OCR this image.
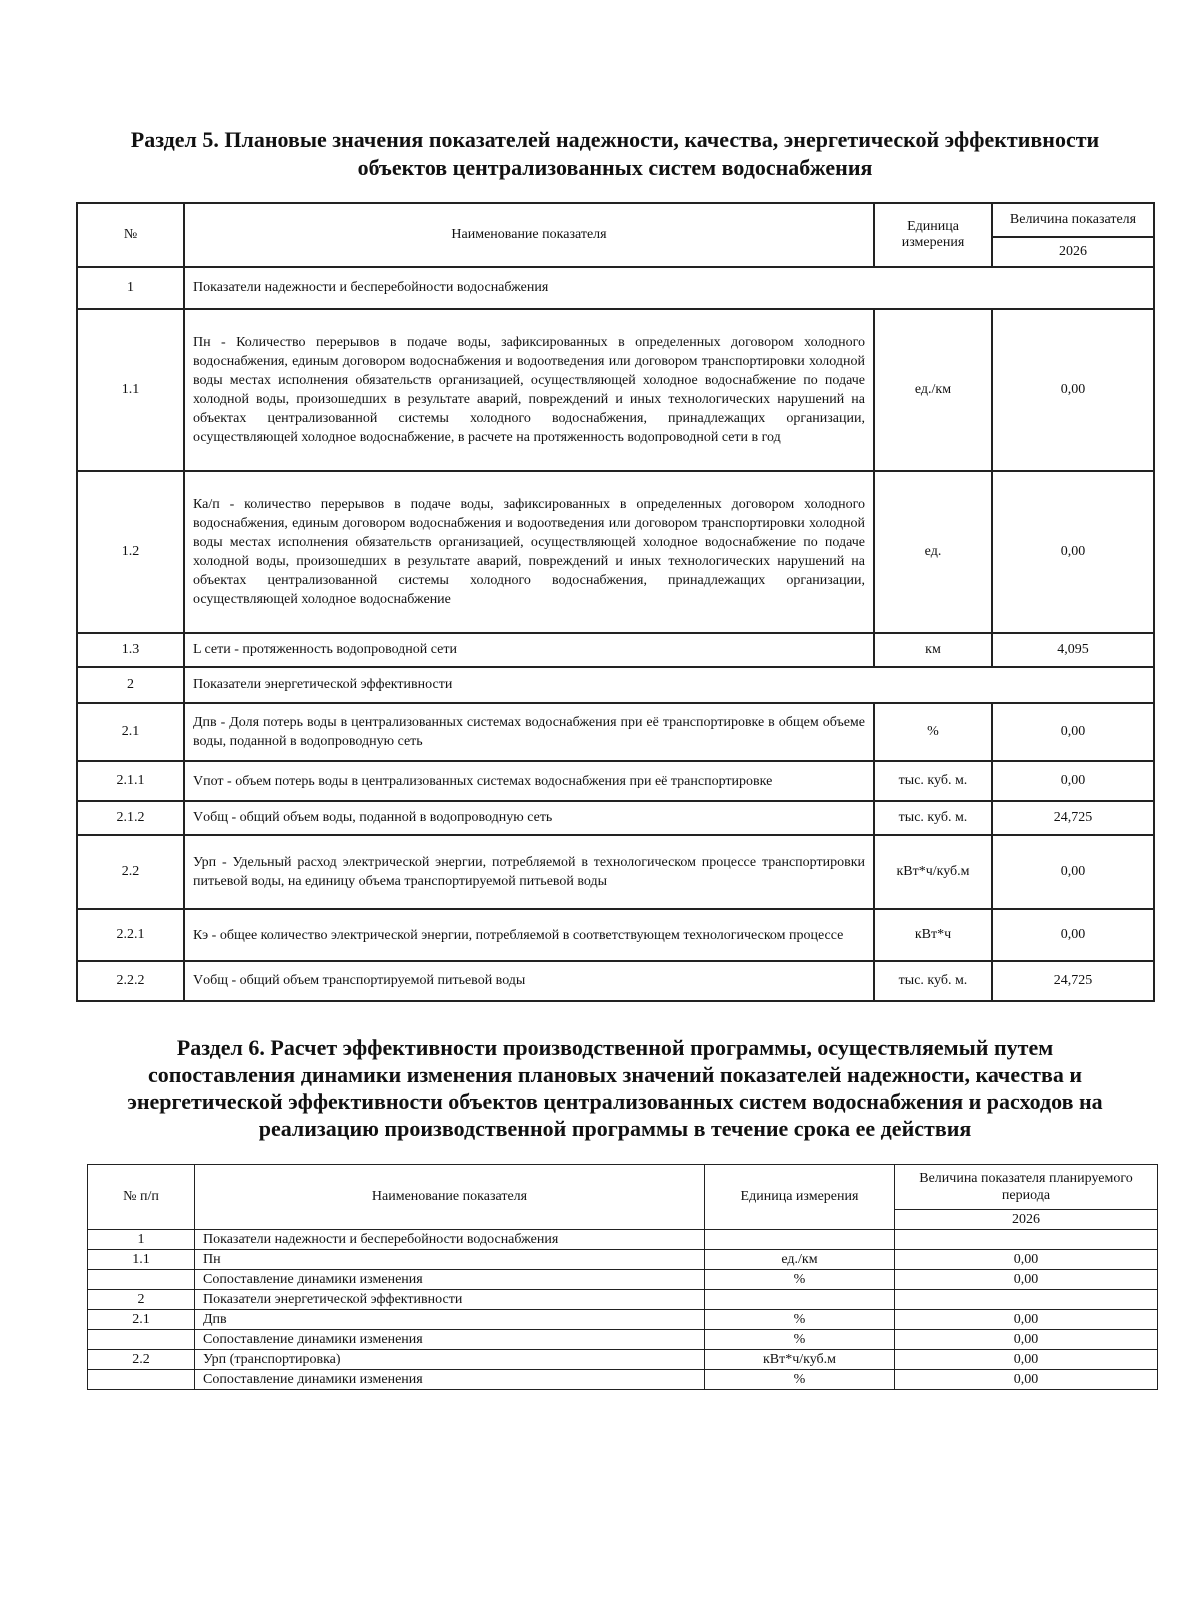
Раздел 5. Плановые значения показателей надежности, качества, энергетической эффективности
объектов централизованных систем водоснабжения
№	Наименование показателя	Единица измерения	Величина показателя
			2026
1	Показатели надежности и бесперебойности водоснабжения		
1.1	Пн - Количество перерывов в подаче воды, зафиксированных в определенных договором холодного водоснабжения, единым договором водоснабжения и водоотведения или договором транспортировки холодной воды местах исполнения обязательств организацией, осуществляющей холодное водоснабжение по подаче холодной воды, произошедших в результате аварий, повреждений и иных технологических нарушений на объектах централизованной системы холодного водоснабжения, принадлежащих организации, осуществляющей холодное водоснабжение, в расчете на протяженность водопроводной сети в год	ед./км	0,00
1.2	Ка/п - количество перерывов в подаче воды, зафиксированных в определенных договором холодного водоснабжения, единым договором водоснабжения и водоотведения или договором транспортировки холодной воды местах исполнения обязательств организацией, осуществляющей холодное водоснабжение по подаче холодной воды, произошедших в результате аварий, повреждений и иных технологических нарушений на объектах централизованной системы холодного водоснабжения, принадлежащих организации, осуществляющей холодное водоснабжение	ед.	0,00
1.3	L сети - протяженность водопроводной сети	км	4,095
2	Показатели энергетической эффективности		
2.1	Дпв - Доля потерь воды в централизованных системах водоснабжения при её транспортировке в общем объеме воды, поданной в водопроводную сеть	%	0,00
2.1.1	Vпот - объем потерь воды в централизованных системах водоснабжения при её транспортировке	тыс. куб. м.	0,00
2.1.2	Vобщ - общий объем воды, поданной в водопроводную сеть	тыс. куб. м.	24,725
2.2	Урп - Удельный расход электрической энергии, потребляемой в технологическом процессе транспортировки питьевой воды, на единицу объема транспортируемой питьевой воды	кВт*ч/куб.м	0,00
2.2.1	Кэ - общее количество электрической энергии, потребляемой в соответствующем технологическом процессе	кВт*ч	0,00
2.2.2	Vобщ - общий объем транспортируемой питьевой воды	тыс. куб. м.	24,725
Раздел 6. Расчет эффективности производственной программы, осуществляемый путем
сопоставления динамики изменения плановых значений показателей надежности, качества и
энергетической эффективности объектов централизованных систем водоснабжения и расходов на
реализацию производственной программы в течение срока ее действия
№ п/п	Наименование показателя	Единица измерения	Величина показателя планируемого периода
			2026
1	Показатели надежности и бесперебойности водоснабжения		
1.1	Пн	ед./км	0,00
	Сопоставление динамики изменения	%	0,00
2	Показатели энергетической эффективности		
2.1	Дпв	%	0,00
	Сопоставление динамики изменения	%	0,00
2.2	Урп (транспортировка)	кВт*ч/куб.м	0,00
	Сопоставление динамики изменения	%	0,00
